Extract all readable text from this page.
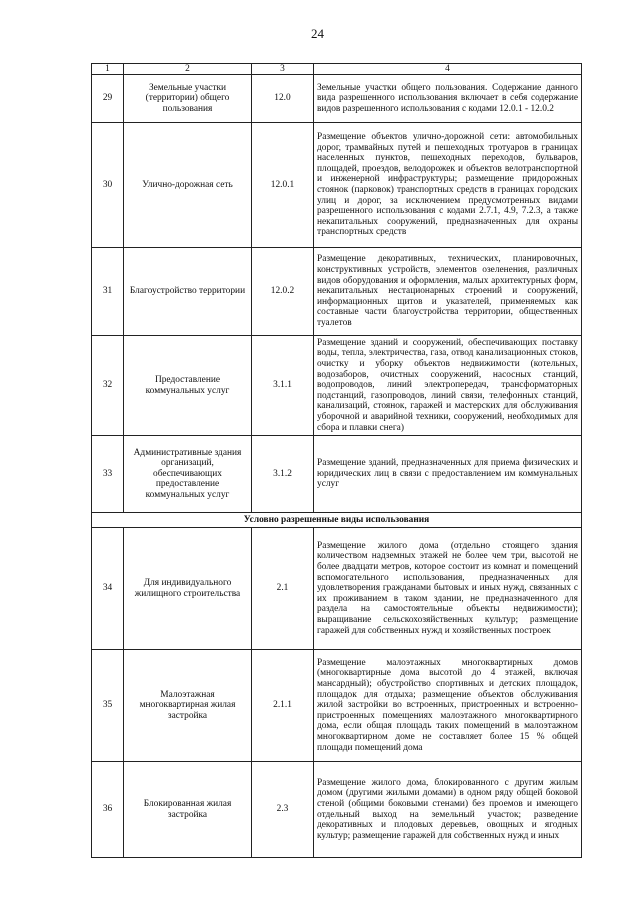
24
1	2	3	4
29	Земельные участки (территории) общего пользования	12.0	Земельные участки общего пользования. Содержание данного вида разрешенного использования включает в себя содержание видов разрешенного использования с кодами 12.0.1 - 12.0.2
30	Улично-дорожная сеть	12.0.1	Размещение объектов улично-дорожной сети: автомобильных дорог, трамвайных путей и пешеходных тротуаров в границах населенных пунктов, пешеходных переходов, бульваров, площадей, проездов, велодорожек и объектов велотранспортной и инженерной инфраструктуры; размещение придорожных стоянок (парковок) транспортных средств в границах городских улиц и дорог, за исключением предусмотренных видами разрешенного использования с кодами 2.7.1, 4.9, 7.2.3, а также некапитальных сооружений, предназначенных для охраны транспортных средств
31	Благоустройство территории	12.0.2	Размещение декоративных, технических, планировочных, конструктивных устройств, элементов озеленения, различных видов оборудования и оформления, малых архитектурных форм, некапитальных нестационарных строений и сооружений, информационных щитов и указателей, применяемых как составные части благоустройства территории, общественных туалетов
32	Предоставление коммунальных услуг	3.1.1	Размещение зданий и сооружений, обеспечивающих поставку воды, тепла, электричества, газа, отвод канализационных стоков, очистку и уборку объектов недвижимости (котельных, водозаборов, очистных сооружений, насосных станций, водопроводов, линий электропередач, трансформаторных подстанций, газопроводов, линий связи, телефонных станций, канализаций, стоянок, гаражей и мастерских для обслуживания уборочной и аварийной техники, сооружений, необходимых для сбора и плавки снега)
33	Административные здания организаций, обеспечивающих предоставление коммунальных услуг	3.1.2	Размещение зданий, предназначенных для приема физических и юридических лиц в связи с предоставлением им коммунальных услуг
Условно разрешенные виды использования			
34	Для индивидуального жилищного строительства	2.1	Размещение жилого дома (отдельно стоящего здания количеством надземных этажей не более чем три, высотой не более двадцати метров, которое состоит из комнат и помещений вспомогательного использования, предназначенных для удовлетворения гражданами бытовых и иных нужд, связанных с их проживанием в таком здании, не предназначенного для раздела на самостоятельные объекты недвижимости); выращивание сельскохозяйственных культур; размещение гаражей для собственных нужд и хозяйственных построек
35	Малоэтажная многоквартирная жилая застройка	2.1.1	Размещение малоэтажных многоквартирных домов (многоквартирные дома высотой до 4 этажей, включая мансардный); обустройство спортивных и детских площадок, площадок для отдыха; размещение объектов обслуживания жилой застройки во встроенных, пристроенных и встроенно-пристроенных помещениях малоэтажного многоквартирного дома, если общая площадь таких помещений в малоэтажном многоквартирном доме не составляет более 15 % общей площади помещений дома
36	Блокированная жилая застройка	2.3	Размещение жилого дома, блокированного с другим жилым домом (другими жилыми домами) в одном ряду общей боковой стеной (общими боковыми стенами) без проемов и имеющего отдельный выход на земельный участок; разведение декоративных и плодовых деревьев, овощных и ягодных культур; размещение гаражей для собственных нужд и иных
